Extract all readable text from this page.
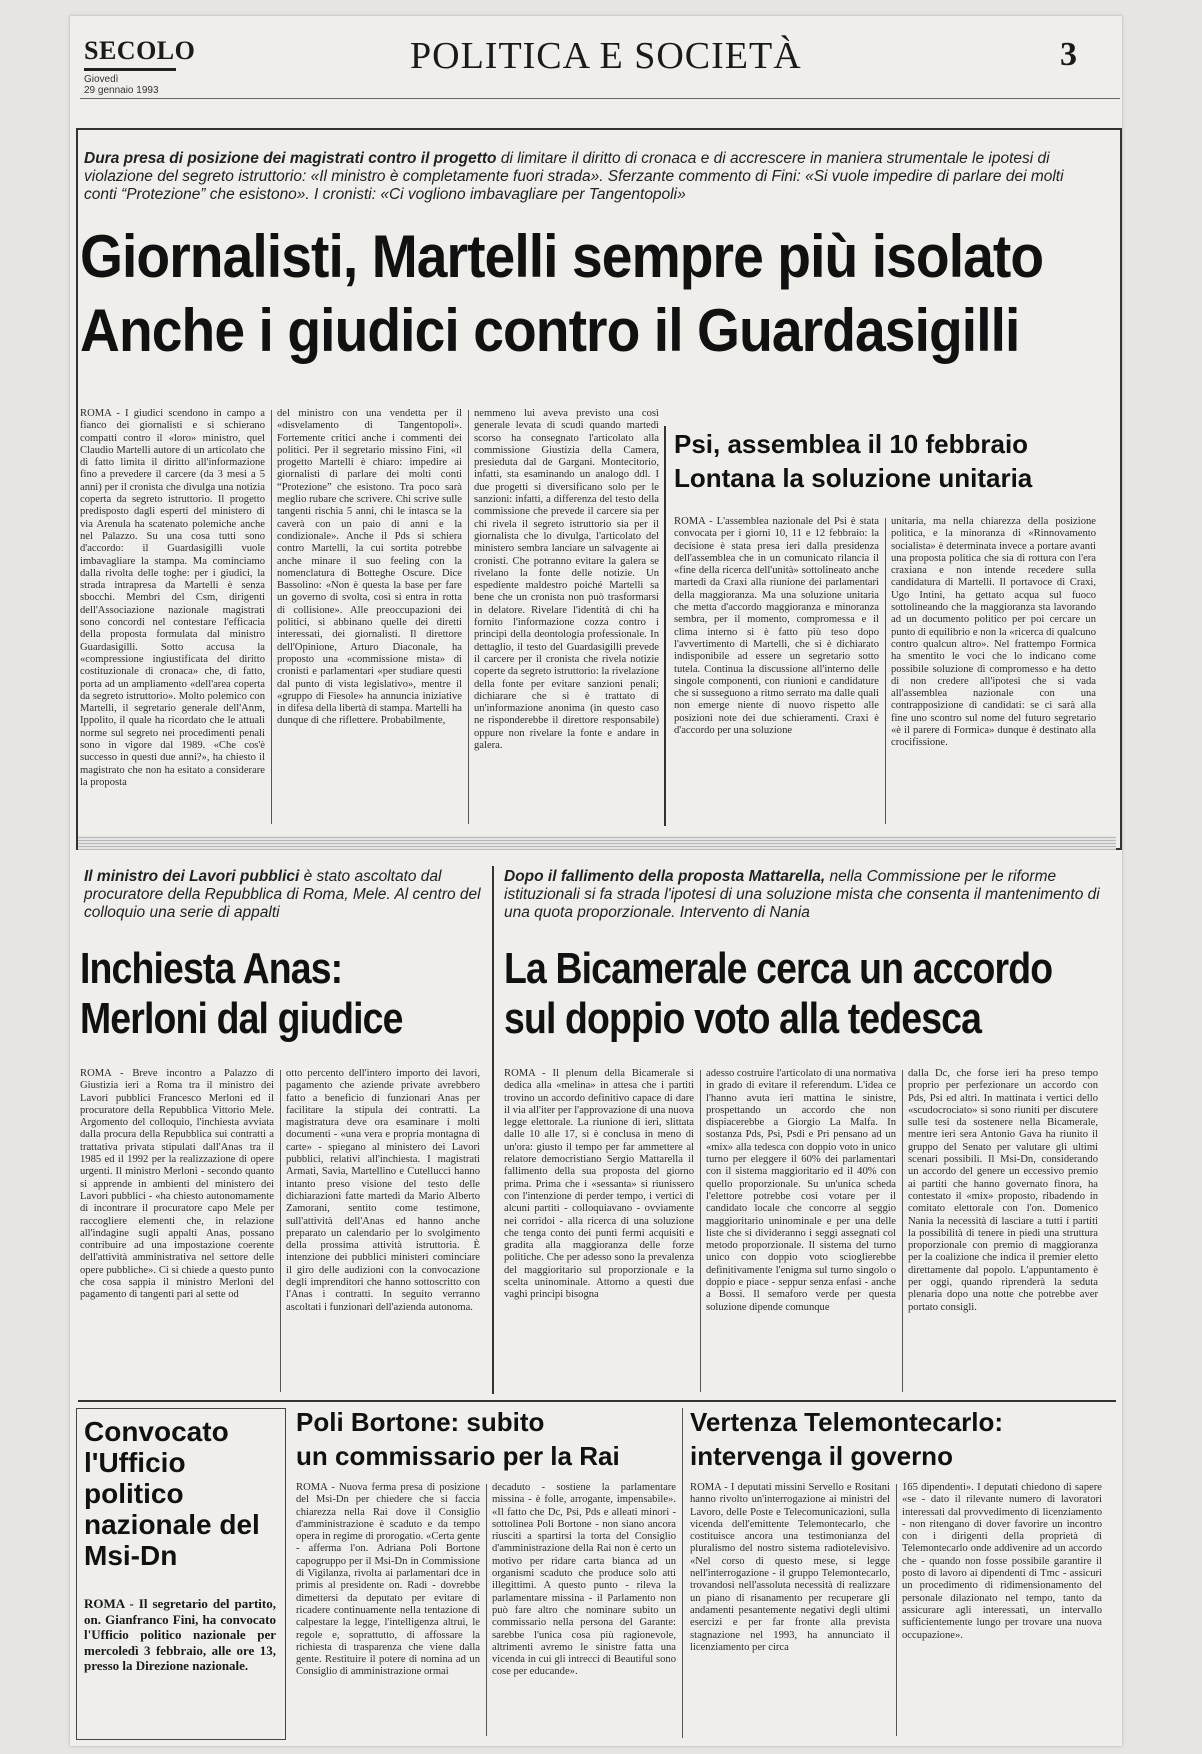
SECOLO
Giovedì
29 gennaio 1993
POLITICA E SOCIETÀ	3
Dura presa di posizione dei magistrati contro il progetto di limitare il diritto di cronaca e di accrescere in maniera strumentale le ipotesi di violazione del segreto istruttorio: «Il ministro è completamente fuori strada». Sferzante commento di Fini: «Si vuole impedire di parlare dei molti conti “Protezione” che esistono». I cronisti: «Ci vogliono imbavagliare per Tangentopoli»
Giornalisti, Martelli sempre più isolato
Anche i giudici contro il Guardasigilli
ROMA - I giudici scendono in campo a fianco dei giornalisti e si schierano compatti contro il «loro» ministro, quel Claudio Martelli autore di un articolato che di fatto limita il diritto all'informazione fino a prevedere il carcere (da 3 mesi a 5 anni) per il cronista che divulga una notizia coperta da segreto istruttorio. Il progetto predisposto dagli esperti del ministero di via Arenula ha scatenato polemiche anche nel Palazzo. Su una cosa tutti sono d'accordo: il Guardasigilli vuole imbavagliare la stampa. Ma cominciamo dalla rivolta delle toghe: per i giudici, la strada intrapresa da Martelli è senza sbocchi. Membri del Csm, dirigenti dell'Associazione nazionale magistrati sono concordi nel contestare l'efficacia della proposta formulata dal ministro Guardasigilli. Sotto accusa la «compressione ingiustificata del diritto costituzionale di cronaca» che, di fatto, porta ad un ampliamento «dell'area coperta da segreto istruttorio». Molto polemico con Martelli, il segretario generale dell'Anm, Ippolito, il quale ha ricordato che le attuali norme sul segreto nei procedimenti penali sono in vigore dal 1989. «Che cos'è successo in questi due anni?», ha chiesto il magistrato che non ha esitato a considerare la proposta
del ministro con una vendetta per il «disvelamento di Tangentopoli». Fortemente critici anche i commenti dei politici. Per il segretario missino Fini, «il progetto Martelli è chiaro: impedire ai giornalisti di parlare dei molti conti “Protezione” che esistono. Tra poco sarà meglio rubare che scrivere. Chi scrive sulle tangenti rischia 5 anni, chi le intasca se la caverà con un paio di anni e la condizionale». Anche il Pds si schiera contro Martelli, la cui sortita potrebbe anche minare il suo feeling con la nomenclatura di Botteghe Oscure. Dice Bassolino: «Non è questa la base per fare un governo di svolta, così si entra in rotta di collisione». Alle preoccupazioni dei politici, si abbinano quelle dei diretti interessati, dei giornalisti. Il direttore dell'Opinione, Arturo Diaconale, ha proposto una «commissione mista» di cronisti e parlamentari «per studiare questi dal punto di vista legislativo», mentre il «gruppo di Fiesole» ha annuncia iniziative in difesa della libertà di stampa. Martelli ha dunque di che riflettere. Probabilmente,
nemmeno lui aveva previsto una così generale levata di scudi quando martedì scorso ha consegnato l'articolato alla commissione Giustizia della Camera, presieduta dal de Gargani. Montecitorio, infatti, sta esaminando un analogo ddl. I due progetti si diversificano solo per le sanzioni: infatti, a differenza del testo della commissione che prevede il carcere sia per chi rivela il segreto istruttorio sia per il giornalista che lo divulga, l'articolato del ministero sembra lanciare un salvagente ai cronisti. Che potranno evitare la galera se rivelano la fonte delle notizie. Un espediente maldestro poiché Martelli sa bene che un cronista non può trasformarsi in delatore. Rivelare l'identità di chi ha fornito l'informazione cozza contro i principi della deontologia professionale. In dettaglio, il testo del Guardasigilli prevede il carcere per il cronista che rivela notizie coperte da segreto istruttorio: la rivelazione della fonte per evitare sanzioni penali; dichiarare che si è trattato di un'informazione anonima (in questo caso ne risponderebbe il direttore responsabile) oppure non rivelare la fonte e andare in galera.
Psi, assemblea il 10 febbraio
Lontana la soluzione unitaria
ROMA - L'assemblea nazionale del Psi è stata convocata per i giorni 10, 11 e 12 febbraio: la decisione è stata presa ieri dalla presidenza dell'assemblea che in un comunicato rilancia il «fine della ricerca dell'unità» sottolineato anche martedì da Craxi alla riunione dei parlamentari della maggioranza. Ma una soluzione unitaria che metta d'accordo maggioranza e minoranza sembra, per il momento, compromessa e il clima interno si è fatto più teso dopo l'avvertimento di Martelli, che si è dichiarato indisponibile ad essere un segretario sotto tutela. Continua la discussione all'interno delle singole componenti, con riunioni e candidature che si susseguono a ritmo serrato ma dalle quali non emerge niente di nuovo rispetto alle posizioni note dei due schieramenti. Craxi è d'accordo per una soluzione
unitaria, ma nella chiarezza della posizione politica, e la minoranza di «Rinnovamento socialista» è determinata invece a portare avanti una proposta politica che sia di rottura con l'era craxiana e non intende recedere sulla candidatura di Martelli. Il portavoce di Craxi, Ugo Intini, ha gettato acqua sul fuoco sottolineando che la maggioranza sta lavorando ad un documento politico per poi cercare un punto di equilibrio e non la «ricerca di qualcuno contro qualcun altro». Nel frattempo Formica ha smentito le voci che lo indicano come possibile soluzione di compromesso e ha detto di non credere all'ipotesi che si vada all'assemblea nazionale con una contrapposizione di candidati: se ci sarà alla fine uno scontro sul nome del futuro segretario «è il parere di Formica» dunque è destinato alla crocifissione.
Il ministro dei Lavori pubblici è stato ascoltato dal procuratore della Repubblica di Roma, Mele. Al centro del colloquio una serie di appalti
Inchiesta Anas:
Merloni dal giudice
ROMA - Breve incontro a Palazzo di Giustizia ieri a Roma tra il ministro dei Lavori pubblici Francesco Merloni ed il procuratore della Repubblica Vittorio Mele. Argomento del colloquio, l'inchiesta avviata dalla procura della Repubblica sui contratti a trattativa privata stipulati dall'Anas tra il 1985 ed il 1992 per la realizzazione di opere urgenti. Il ministro Merloni - secondo quanto si apprende in ambienti del ministero dei Lavori pubblici - «ha chiesto autonomamente di incontrare il procuratore capo Mele per raccogliere elementi che, in relazione all'indagine sugli appalti Anas, possano contribuire ad una impostazione coerente dell'attività amministrativa nel settore delle opere pubbliche». Ci si chiede a questo punto che cosa sappia il ministro Merloni del pagamento di tangenti pari al sette od
otto percento dell'intero importo dei lavori, pagamento che aziende private avrebbero fatto a beneficio di funzionari Anas per facilitare la stipula dei contratti. La magistratura deve ora esaminare i molti documenti - «una vera e propria montagna di carte» - spiegano al ministero dei Lavori pubblici, relativi all'inchiesta. I magistrati Armati, Savia, Martellino e Cutellucci hanno intanto preso visione del testo delle dichiarazioni fatte martedì da Mario Alberto Zamorani, sentito come testimone, sull'attività dell'Anas ed hanno anche preparato un calendario per lo svolgimento della prossima attività istruttoria. È intenzione dei pubblici ministeri cominciare il giro delle audizioni con la convocazione degli imprenditori che hanno sottoscritto con l'Anas i contratti. In seguito verranno ascoltati i funzionari dell'azienda autonoma.
Dopo il fallimento della proposta Mattarella, nella Commissione per le riforme istituzionali si fa strada l'ipotesi di una soluzione mista che consenta il mantenimento di una quota proporzionale. Intervento di Nania
La Bicamerale cerca un accordo
sul doppio voto alla tedesca
ROMA - Il plenum della Bicamerale si dedica alla «melina» in attesa che i partiti trovino un accordo definitivo capace di dare il via all'iter per l'approvazione di una nuova legge elettorale. La riunione di ieri, slittata dalle 10 alle 17, si è conclusa in meno di un'ora: giusto il tempo per far ammettere al relatore democristiano Sergio Mattarella il fallimento della sua proposta del giorno prima. Prima che i «sessanta» si riunissero con l'intenzione di perder tempo, i vertici di alcuni partiti - colloquiavano - ovviamente nei corridoi - alla ricerca di una soluzione che tenga conto dei punti fermi acquisiti e gradita alla maggioranza delle forze politiche. Che per adesso sono la prevalenza del maggioritario sul proporzionale e la scelta uninominale. Attorno a questi due vaghi principi bisogna
adesso costruire l'articolato di una normativa in grado di evitare il referendum. L'idea ce l'hanno avuta ieri mattina le sinistre, prospettando un accordo che non dispiacerebbe a Giorgio La Malfa. In sostanza Pds, Psi, Psdi e Pri pensano ad un «mix» alla tedesca con doppio voto in unico turno per eleggere il 60% dei parlamentari con il sistema maggioritario ed il 40% con quello proporzionale. Su un'unica scheda l'elettore potrebbe così votare per il candidato locale che concorre al seggio maggioritario uninominale e per una delle liste che si divideranno i seggi assegnati col metodo proporzionale. Il sistema del turno unico con doppio voto scioglierebbe definitivamente l'enigma sul turno singolo o doppio e piace - seppur senza enfasi - anche a Bossi. Il semaforo verde per questa soluzione dipende comunque
dalla Dc, che forse ieri ha preso tempo proprio per perfezionare un accordo con Pds, Psi ed altri. In mattinata i vertici dello «scudocrociato» si sono riuniti per discutere sulle tesi da sostenere nella Bicamerale, mentre ieri sera Antonio Gava ha riunito il gruppo del Senato per valutare gli ultimi scenari possibili. Il Msi-Dn, considerando un accordo del genere un eccessivo premio ai partiti che hanno governato finora, ha contestato il «mix» proposto, ribadendo in comitato elettorale con l'on. Domenico Nania la necessità di lasciare a tutti i partiti la possibilità di tenere in piedi una struttura proporzionale con premio di maggioranza per la coalizione che indica il premier eletto direttamente dal popolo. L'appuntamento è per oggi, quando riprenderà la seduta plenaria dopo una notte che potrebbe aver portato consigli.
Convocato l'Ufficio politico nazionale del Msi-Dn
ROMA - Il segretario del partito, on. Gianfranco Fini, ha convocato l'Ufficio politico nazionale per mercoledì 3 febbraio, alle ore 13, presso la Direzione nazionale.
Poli Bortone: subito
un commissario per la Rai
ROMA - Nuova ferma presa di posizione del Msi-Dn per chiedere che si faccia chiarezza nella Rai dove il Consiglio d'amministrazione è scaduto e da tempo opera in regime di prorogatio. «Certa gente - afferma l'on. Adriana Poli Bortone capogruppo per il Msi-Dn in Commissione di Vigilanza, rivolta ai parlamentari dce in primis al presidente on. Radi - dovrebbe dimettersi da deputato per evitare di ricadere continuamente nella tentazione di calpestare la legge, l'intelligenza altrui, le regole e, soprattutto, di affossare la richiesta di trasparenza che viene dalla gente. Restituire il potere di nomina ad un Consiglio di amministrazione ormai
decaduto - sostiene la parlamentare missina - è folle, arrogante, impensabile». «Il fatto che Dc, Psi, Pds e alleati minori - sottolinea Poli Bortone - non siano ancora riusciti a spartirsi la torta del Consiglio d'amministrazione della Rai non è certo un motivo per ridare carta bianca ad un organismi scaduto che produce solo atti illegittimi. A questo punto - rileva la parlamentare missina - il Parlamento non può fare altro che nominare subito un commissario nella persona del Garante: sarebbe l'unica cosa più ragionevole, altrimenti avremo le sinistre fatta una vicenda in cui gli intrecci di Beautiful sono cose per educande».
Vertenza Telemontecarlo:
intervenga il governo
ROMA - I deputati missini Servello e Rositani hanno rivolto un'interrogazione ai ministri del Lavoro, delle Poste e Telecomunicazioni, sulla vicenda dell'emittente Telemontecarlo, che costituisce ancora una testimonianza del pluralismo del nostro sistema radiotelevisivo. «Nel corso di questo mese, si legge nell'interrogazione - il gruppo Telemontecarlo, trovandosi nell'assoluta necessità di realizzare un piano di risanamento per recuperare gli andamenti pesantemente negativi degli ultimi esercizi e per far fronte alla prevista stagnazione nel 1993, ha annunciato il licenziamento per circa
165 dipendenti». I deputati chiedono di sapere «se - dato il rilevante numero di lavoratori interessati dal provvedimento di licenziamento - non ritengano di dover favorire un incontro con i dirigenti della proprietà di Telemontecarlo onde addivenire ad un accordo che - quando non fosse possibile garantire il posto di lavoro ai dipendenti di Tmc - assicuri un procedimento di ridimensionamento del personale dilazionato nel tempo, tanto da assicurare agli interessati, un intervallo sufficientemente lungo per trovare una nuova occupazione».
